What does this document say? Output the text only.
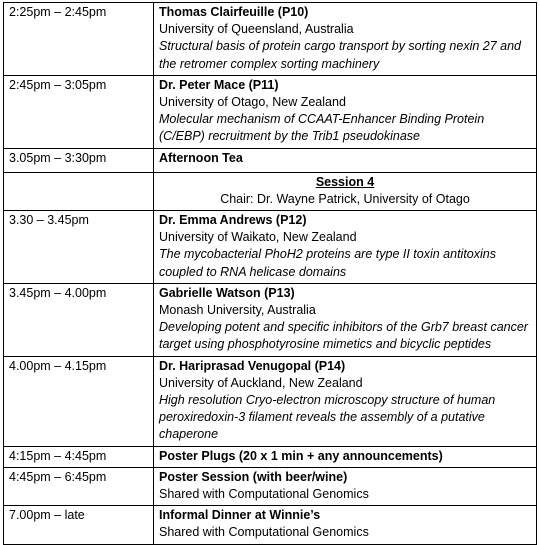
2:25pm – 2:45pm	Thomas Clairfeuille (P10)
University of Queensland, Australia
Structural basis of protein cargo transport by sorting nexin 27 and the retromer complex sorting machinery

2:45pm – 3:05pm	Dr. Peter Mace (P11)
University of Otago, New Zealand
Molecular mechanism of CCAAT-Enhancer Binding Protein (C/EBP) recruitment by the Trib1 pseudokinase

3.05pm – 3:30pm	Afternoon Tea

	Session 4
Chair: Dr. Wayne Patrick, University of Otago

3.30 – 3.45pm	Dr. Emma Andrews (P12)
University of Waikato, New Zealand
The mycobacterial PhoH2 proteins are type II toxin antitoxins coupled to RNA helicase domains

3.45pm – 4.00pm	Gabrielle Watson (P13)
Monash University, Australia
Developing potent and specific inhibitors of the Grb7 breast cancer target using phosphotyrosine mimetics and bicyclic peptides

4.00pm – 4.15pm	Dr. Hariprasad Venugopal (P14)
University of Auckland, New Zealand
High resolution Cryo-electron microscopy structure of human peroxiredoxin-3 filament reveals the assembly of a putative chaperone

4:15pm – 4:45pm	Poster Plugs (20 x 1 min + any announcements)

4:45pm – 6:45pm	Poster Session (with beer/wine)
Shared with Computational Genomics

7.00pm – late	Informal Dinner at Winnie’s
Shared with Computational Genomics
